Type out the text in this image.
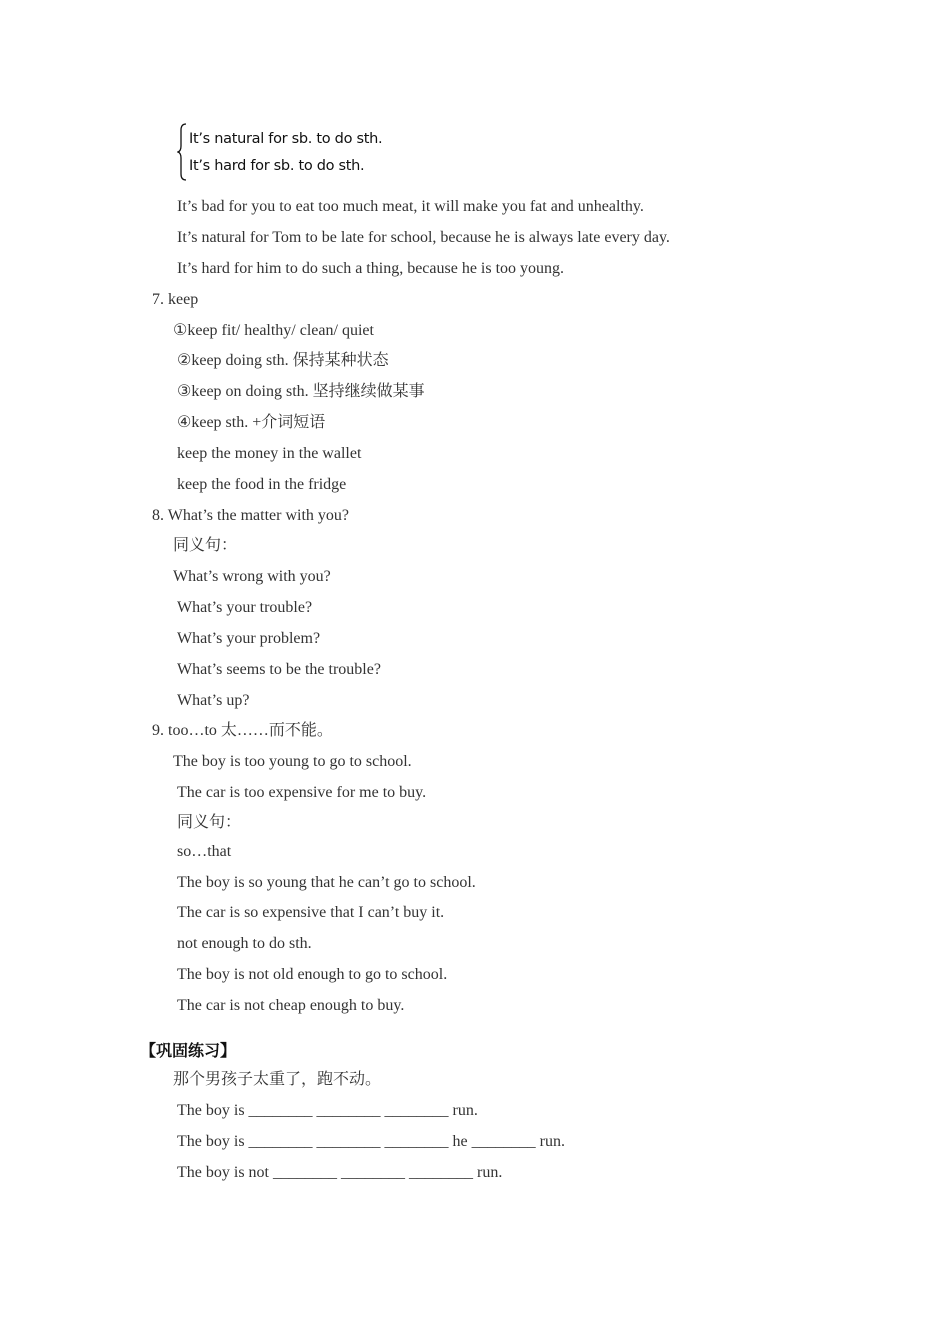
It’s natural for sb. to do sth.
It’s hard for sb. to do sth.
It’s bad for you to eat too much meat, it will make you fat and unhealthy.
It’s natural for Tom to be late for school, because he is always late every day.
It’s hard for him to do such a thing, because he is too young.
7. keep
①keep fit/ healthy/ clean/ quiet
②keep doing sth. 保持某种状态
③keep on doing sth. 坚持继续做某事
④keep sth. +介词短语
keep the money in the wallet
keep the food in the fridge
8. What’s the matter with you?
同义句：
What’s wrong with you?
What’s your trouble?
What’s your problem?
What’s seems to be the trouble?
What’s up?
9. too…to 太……而不能。
The boy is too young to go to school.
The car is too expensive for me to buy.
同义句：
so…that
The boy is so young that he can’t go to school.
The car is so expensive that I can’t buy it.
not enough to do sth.
The boy is not old enough to go to school.
The car is not cheap enough to buy.
【巩固练习】
那个男孩子太重了，跑不动。
The boy is ________ ________ ________ run.
The boy is ________ ________ ________ he ________ run.
The boy is not ________ ________ ________ run.
